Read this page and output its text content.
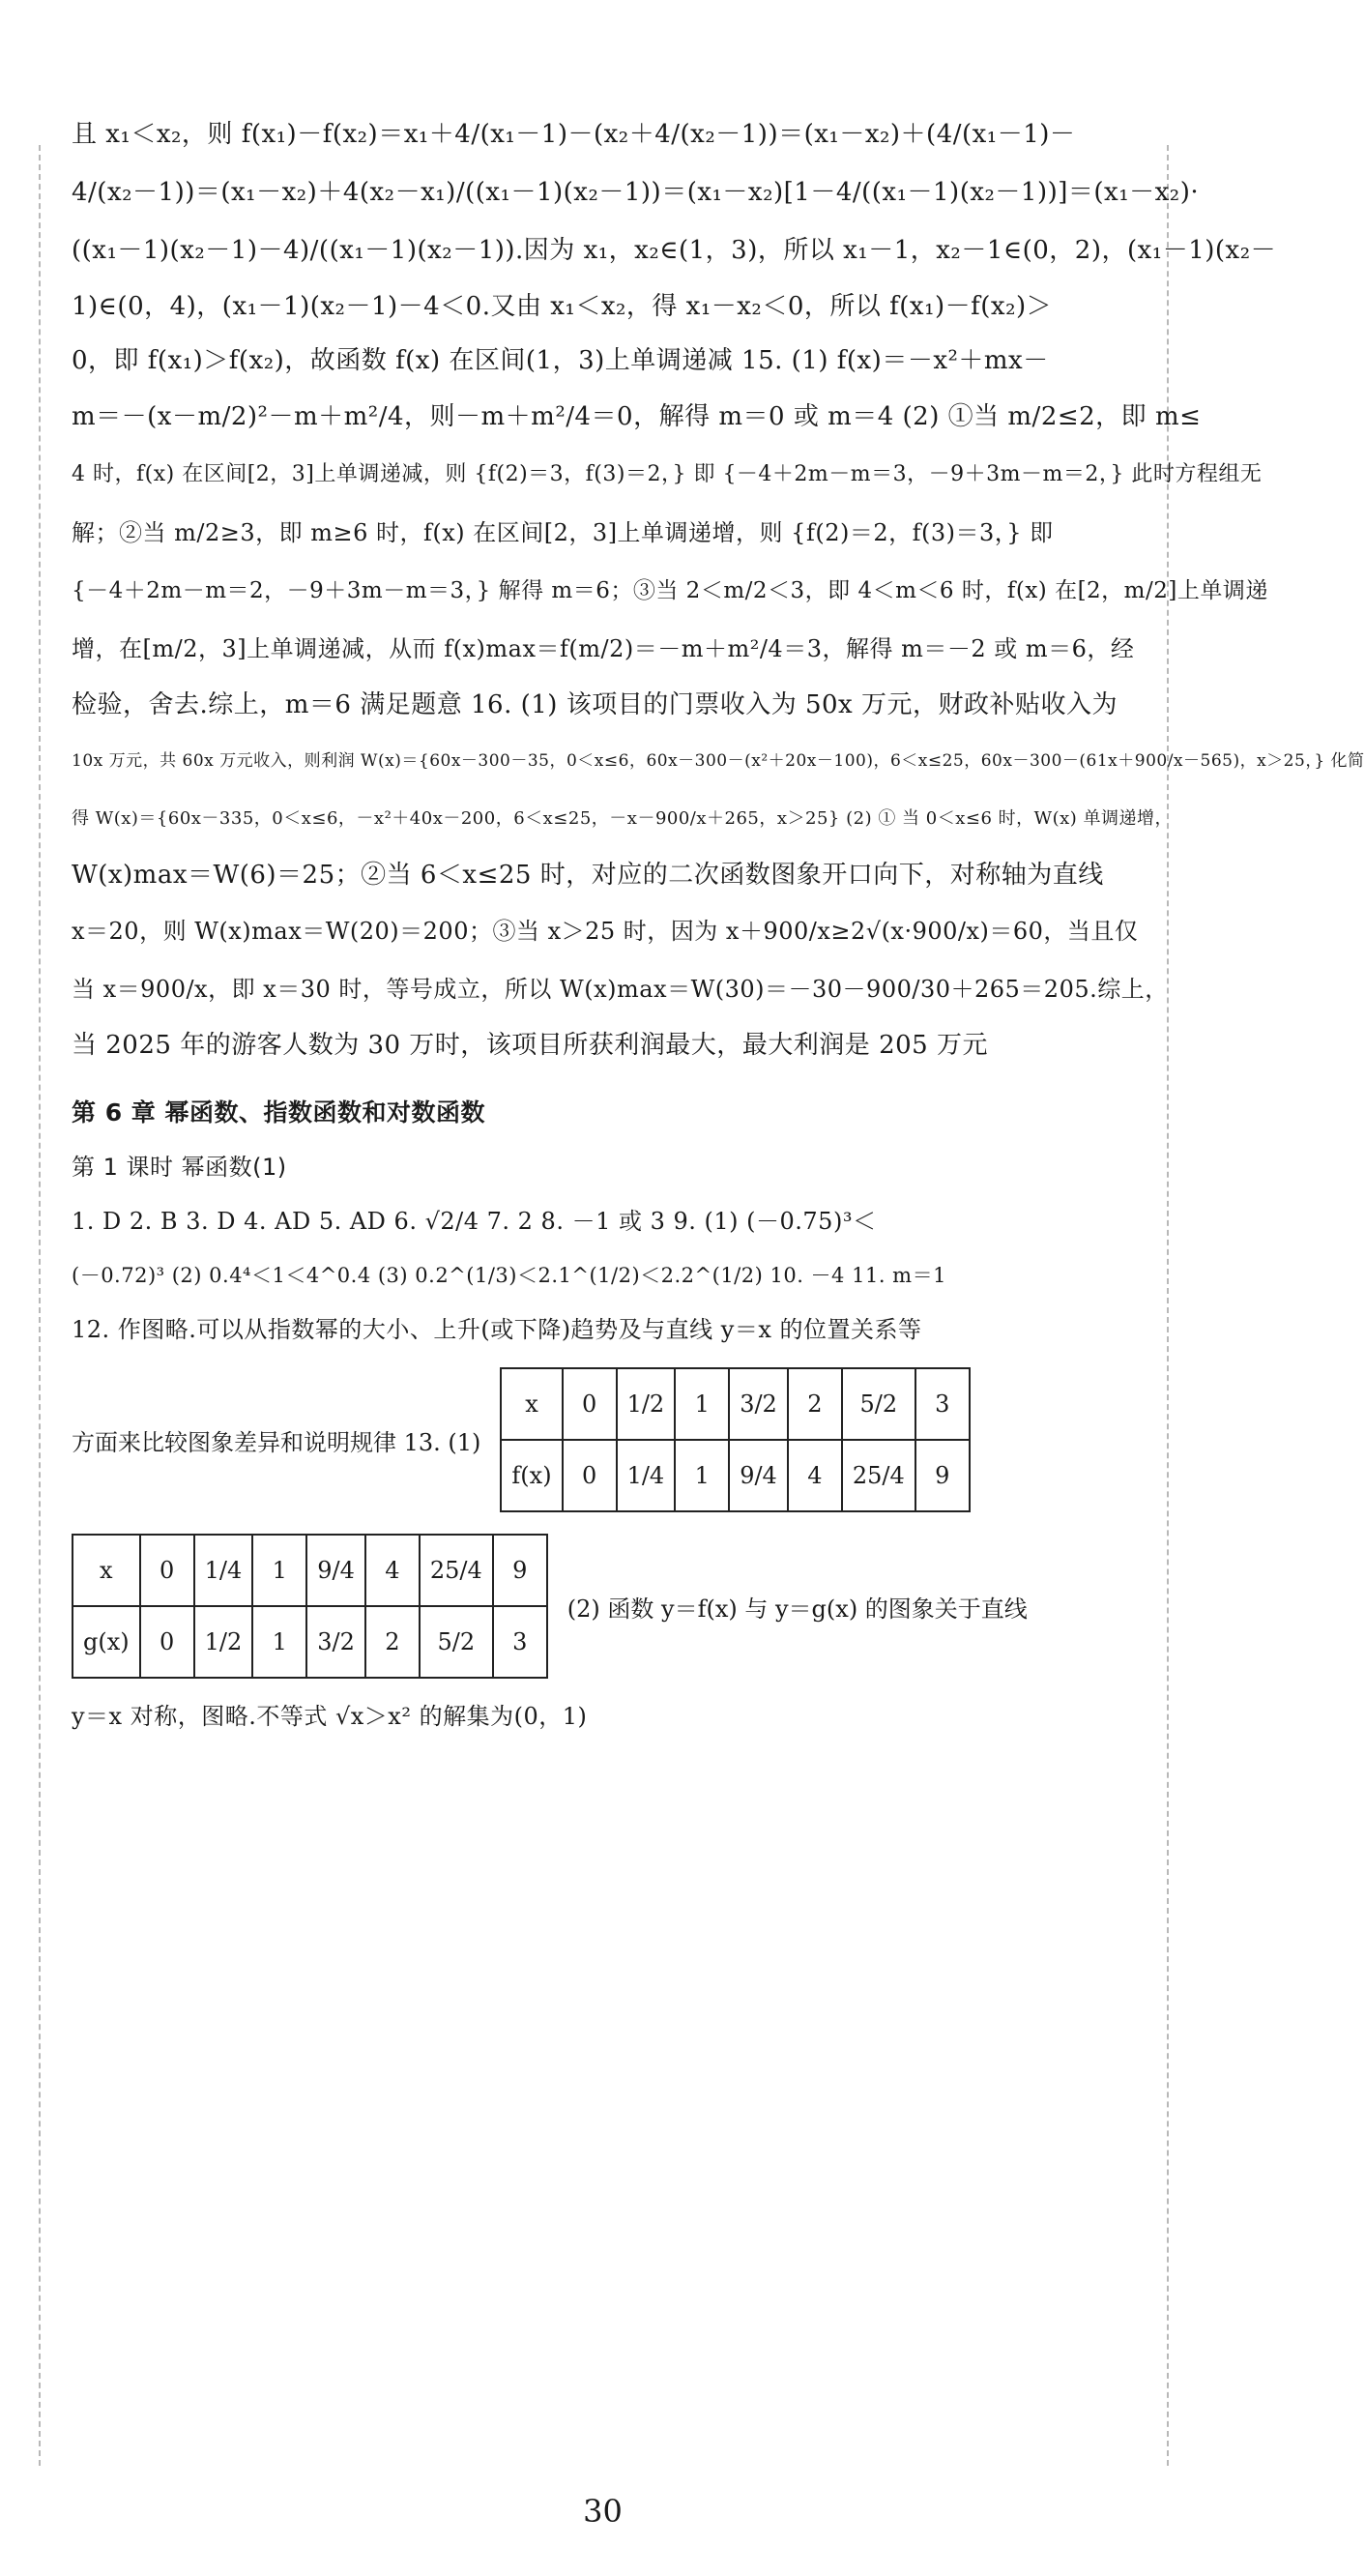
且 x₁＜x₂，则 f(x₁)－f(x₂)＝x₁＋4/(x₁－1)－(x₂＋4/(x₂－1))＝(x₁－x₂)＋(4/(x₁－1)－
4/(x₂－1))＝(x₁－x₂)＋4(x₂－x₁)/((x₁－1)(x₂－1))＝(x₁－x₂)[1－4/((x₁－1)(x₂－1))]＝(x₁－x₂)·
((x₁－1)(x₂－1)－4)/((x₁－1)(x₂－1)).因为 x₁，x₂∈(1，3)，所以 x₁－1，x₂－1∈(0，2)，(x₁－1)(x₂－
1)∈(0，4)，(x₁－1)(x₂－1)－4＜0.又由 x₁＜x₂，得 x₁－x₂＜0，所以 f(x₁)－f(x₂)＞
0，即 f(x₁)＞f(x₂)，故函数 f(x) 在区间(1，3)上单调递减 15. (1) f(x)＝－x²＋mx－
m＝－(x－m/2)²－m＋m²/4，则－m＋m²/4＝0，解得 m＝0 或 m＝4 (2) ①当 m/2≤2，即 m≤
4 时，f(x) 在区间[2，3]上单调递减，则 {f(2)＝3，f(3)＝2，} 即 {－4＋2m－m＝3，－9＋3m－m＝2，} 此时方程组无
解；②当 m/2≥3，即 m≥6 时，f(x) 在区间[2，3]上单调递增，则 {f(2)＝2，f(3)＝3，} 即
{－4＋2m－m＝2，－9＋3m－m＝3，} 解得 m＝6；③当 2＜m/2＜3，即 4＜m＜6 时，f(x) 在[2，m/2]上单调递
增，在[m/2，3]上单调递减，从而 f(x)max＝f(m/2)＝－m＋m²/4＝3，解得 m＝－2 或 m＝6，经
检验，舍去.综上，m＝6 满足题意 16. (1) 该项目的门票收入为 50x 万元，财政补贴收入为
10x 万元，共 60x 万元收入，则利润 W(x)＝{60x－300－35，0＜x≤6，60x－300－(x²＋20x－100)，6＜x≤25，60x－300－(61x＋900/x－565)，x＞25，} 化简
得 W(x)＝{60x－335，0＜x≤6，－x²＋40x－200，6＜x≤25，－x－900/x＋265，x＞25} (2) ① 当 0＜x≤6 时，W(x) 单调递增，
W(x)max＝W(6)＝25；②当 6＜x≤25 时，对应的二次函数图象开口向下，对称轴为直线
x＝20，则 W(x)max＝W(20)＝200；③当 x＞25 时，因为 x＋900/x≥2√(x·900/x)＝60，当且仅
当 x＝900/x，即 x＝30 时，等号成立，所以 W(x)max＝W(30)＝－30－900/30＋265＝205.综上，
当 2025 年的游客人数为 30 万时，该项目所获利润最大，最大利润是 205 万元
第 6 章 幂函数、指数函数和对数函数
第 1 课时 幂函数(1)
1. D 2. B 3. D 4. AD 5. AD 6. √2/4 7. 2 8. －1 或 3 9. (1) (－0.75)³＜
(－0.72)³ (2) 0.4⁴＜1＜4^0.4 (3) 0.2^(1/3)＜2.1^(1/2)＜2.2^(1/2) 10. －4 11. m＝1
12. 作图略.可以从指数幂的大小、上升(或下降)趋势及与直线 y＝x 的位置关系等
方面来比较图象差异和说明规律 13. (1)
x	0	1/2	1	3/2	2	5/2	3
f(x)	0	1/4	1	9/4	4	25/4	9
x	0	1/4	1	9/4	4	25/4	9
g(x)	0	1/2	1	3/2	2	5/2	3
(2) 函数 y＝f(x) 与 y＝g(x) 的图象关于直线
y＝x 对称，图略.不等式 √x＞x² 的解集为(0，1)
30
